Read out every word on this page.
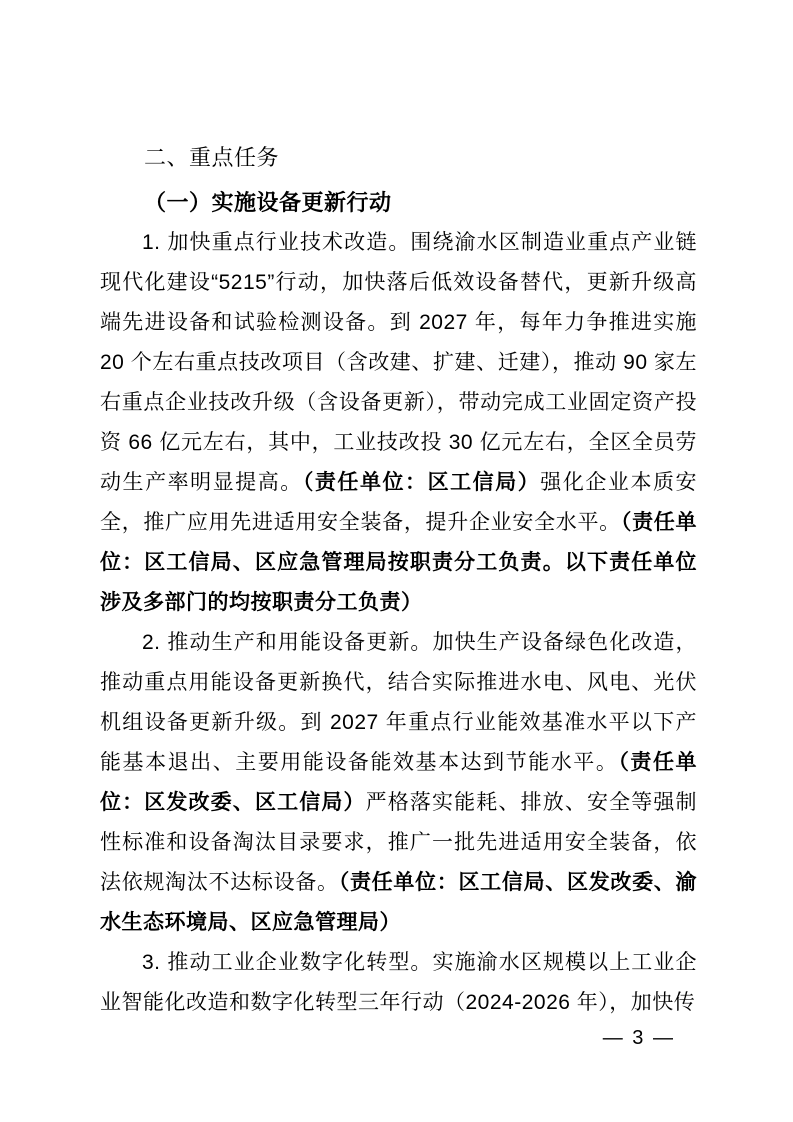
二、重点任务

（一）实施设备更新行动

1. 加快重点行业技术改造。围绕渝水区制造业重点产业链现代化建设“5215”行动，加快落后低效设备替代，更新升级高端先进设备和试验检测设备。到 2027 年，每年力争推进实施 20 个左右重点技改项目（含改建、扩建、迁建），推动 90 家左右重点企业技改升级（含设备更新），带动完成工业固定资产投资 66 亿元左右，其中，工业技改投 30 亿元左右，全区全员劳动生产率明显提高。（责任单位：区工信局）强化企业本质安全，推广应用先进适用安全装备，提升企业安全水平。（责任单位：区工信局、区应急管理局按职责分工负责。以下责任单位涉及多部门的均按职责分工负责）

2. 推动生产和用能设备更新。加快生产设备绿色化改造，推动重点用能设备更新换代，结合实际推进水电、风电、光伏机组设备更新升级。到 2027 年重点行业能效基准水平以下产能基本退出、主要用能设备能效基本达到节能水平。（责任单位：区发改委、区工信局）严格落实能耗、排放、安全等强制性标准和设备淘汰目录要求，推广一批先进适用安全装备，依法依规淘汰不达标设备。（责任单位：区工信局、区发改委、渝水生态环境局、区应急管理局）

3. 推动工业企业数字化转型。实施渝水区规模以上工业企业智能化改造和数字化转型三年行动（2024-2026 年），加快传

— 3 —
